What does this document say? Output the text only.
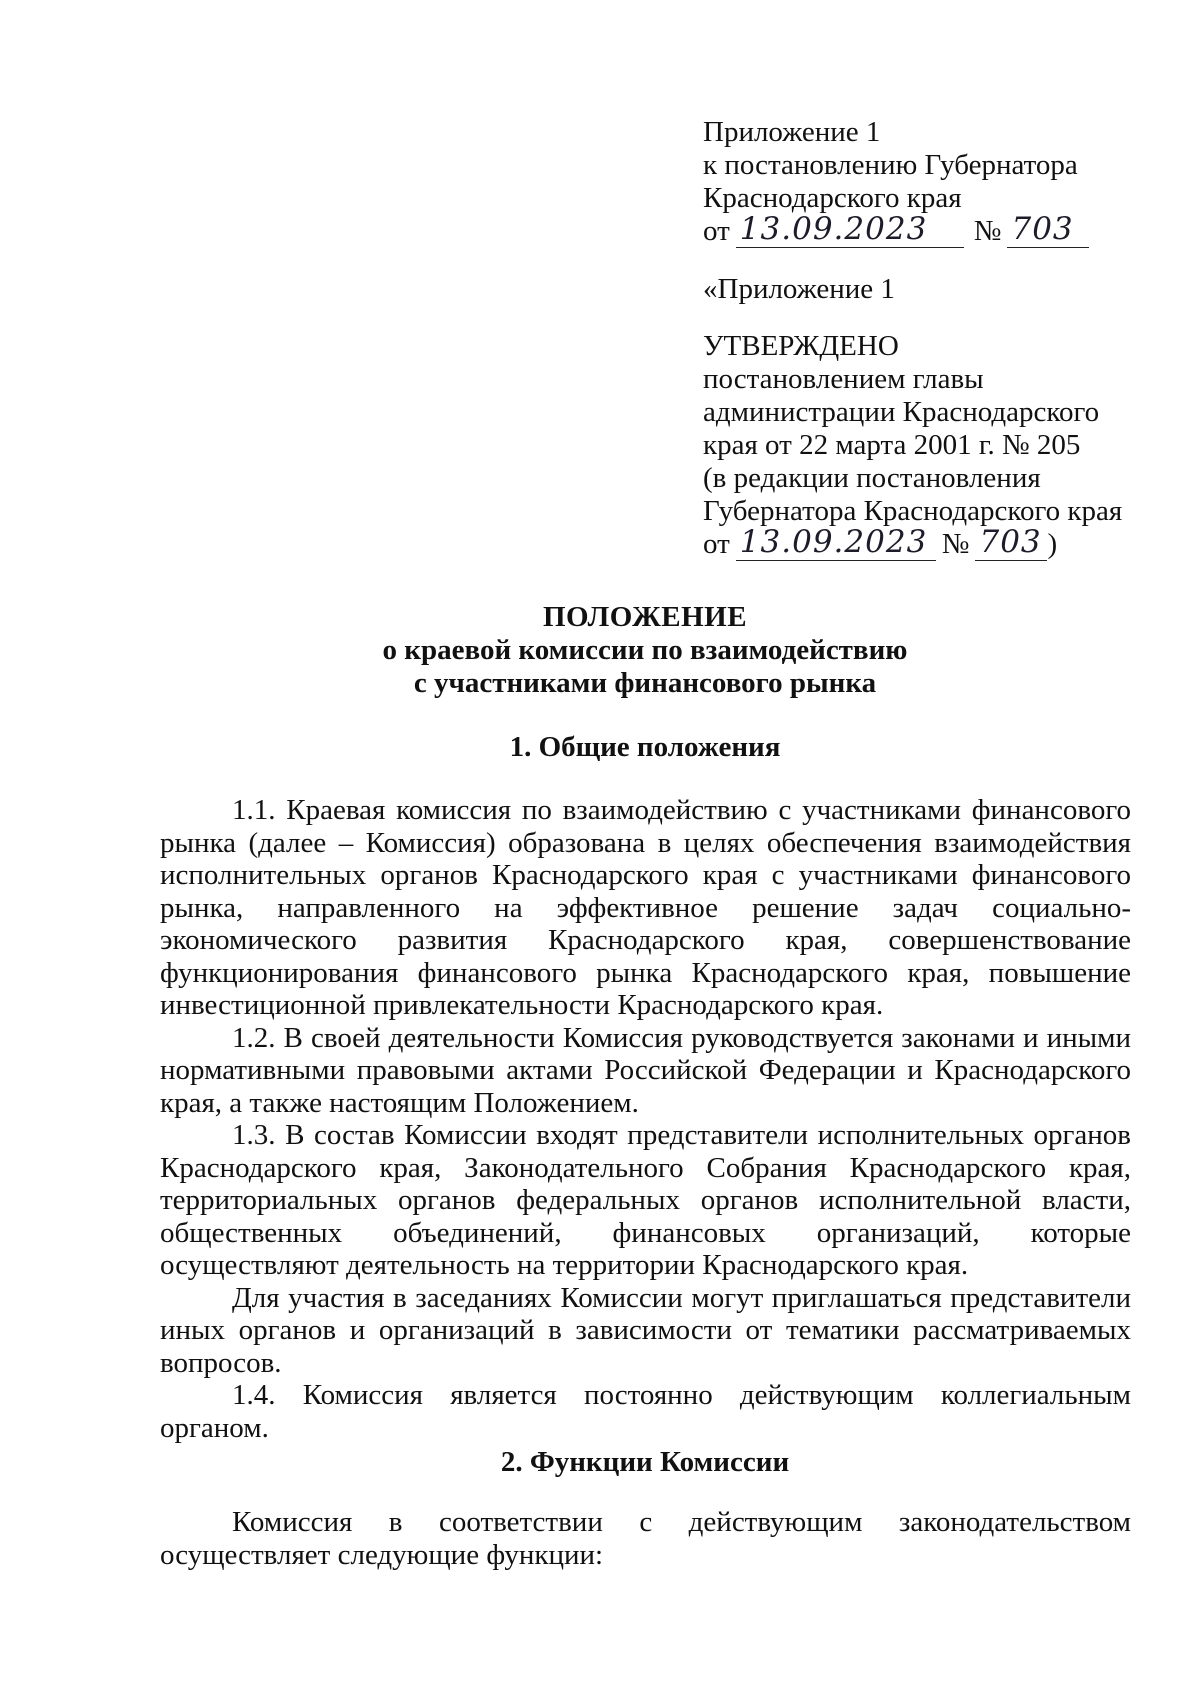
Приложение 1
к постановлению Губернатора
Краснодарского края
от 13.09.2023 № 703
«Приложение 1
УТВЕРЖДЕНО
постановлением главы
администрации Краснодарского
края от 22 марта 2001 г. № 205
(в редакции постановления
Губернатора Краснодарского края
от 13.09.2023 № 703 )
ПОЛОЖЕНИЕ
о краевой комиссии по взаимодействию
с участниками финансового рынка
1. Общие положения

1.1. Краевая комиссия по взаимодействию с участниками финансового рынка (далее – Комиссия) образована в целях обеспечения взаимодействия исполнительных органов Краснодарского края с участниками финансового рынка, направленного на эффективное решение задач социально-экономического развития Краснодарского края, совершенствование функционирования финансового рынка Краснодарского края, повышение инвестиционной привлекательности Краснодарского края.

1.2. В своей деятельности Комиссия руководствуется законами и иными нормативными правовыми актами Российской Федерации и Краснодарского края, а также настоящим Положением.

1.3. В состав Комиссии входят представители исполнительных органов Краснодарского края, Законодательного Собрания Краснодарского края, территориальных органов федеральных органов исполнительной власти, общественных объединений, финансовых организаций, которые осуществляют деятельность на территории Краснодарского края.

Для участия в заседаниях Комиссии могут приглашаться представители иных органов и организаций в зависимости от тематики рассматриваемых вопросов.

1.4. Комиссия является постоянно действующим коллегиальным органом.

2. Функции Комиссии

Комиссия в соответствии с действующим законодательством осуществляет следующие функции:
